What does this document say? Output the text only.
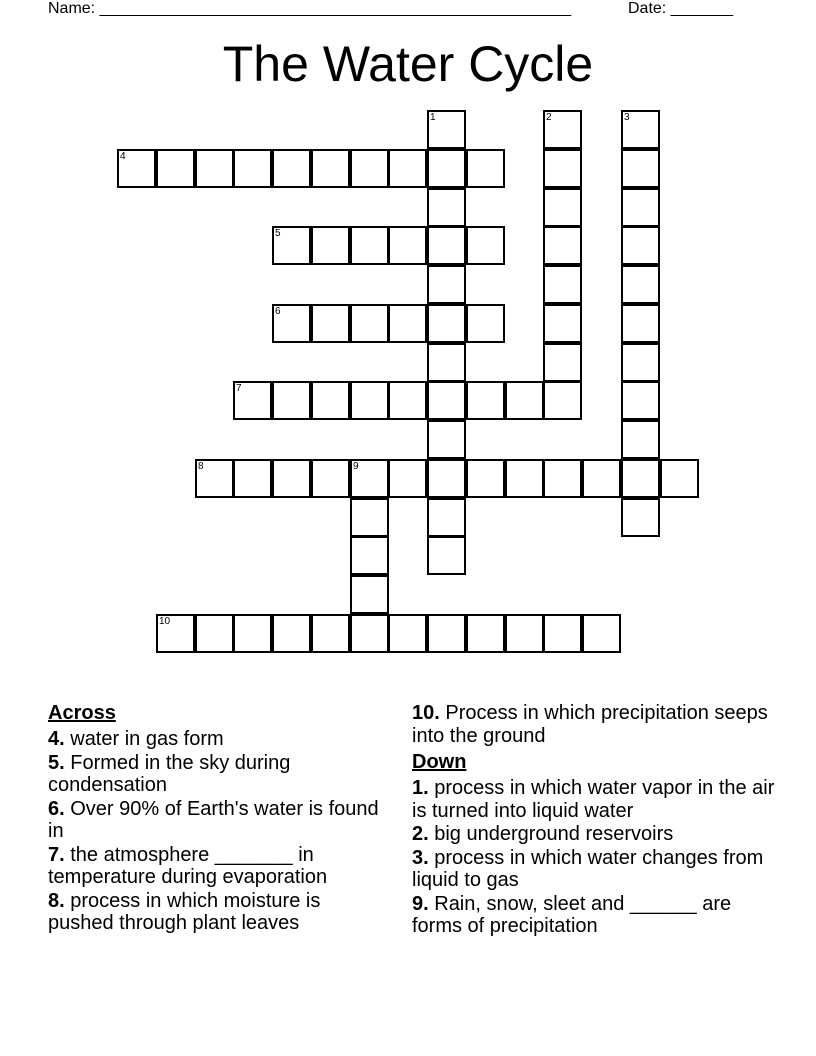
Name: _____________________________________________________	Date: _______
The Water Cycle
1	2	3
4
5
6
7
8	9
10
Across
4. water in gas form
5. Formed in the sky during condensation
6. Over 90% of Earth's water is found in
7. the atmosphere _______ in temperature during evaporation
8. process in which moisture is pushed through plant leaves
10. Process in which precipitation seeps into the ground
Down
1. process in which water vapor in the air is turned into liquid water
2. big underground reservoirs
3. process in which water changes from liquid to gas
9. Rain, snow, sleet and ______ are forms of precipitation
